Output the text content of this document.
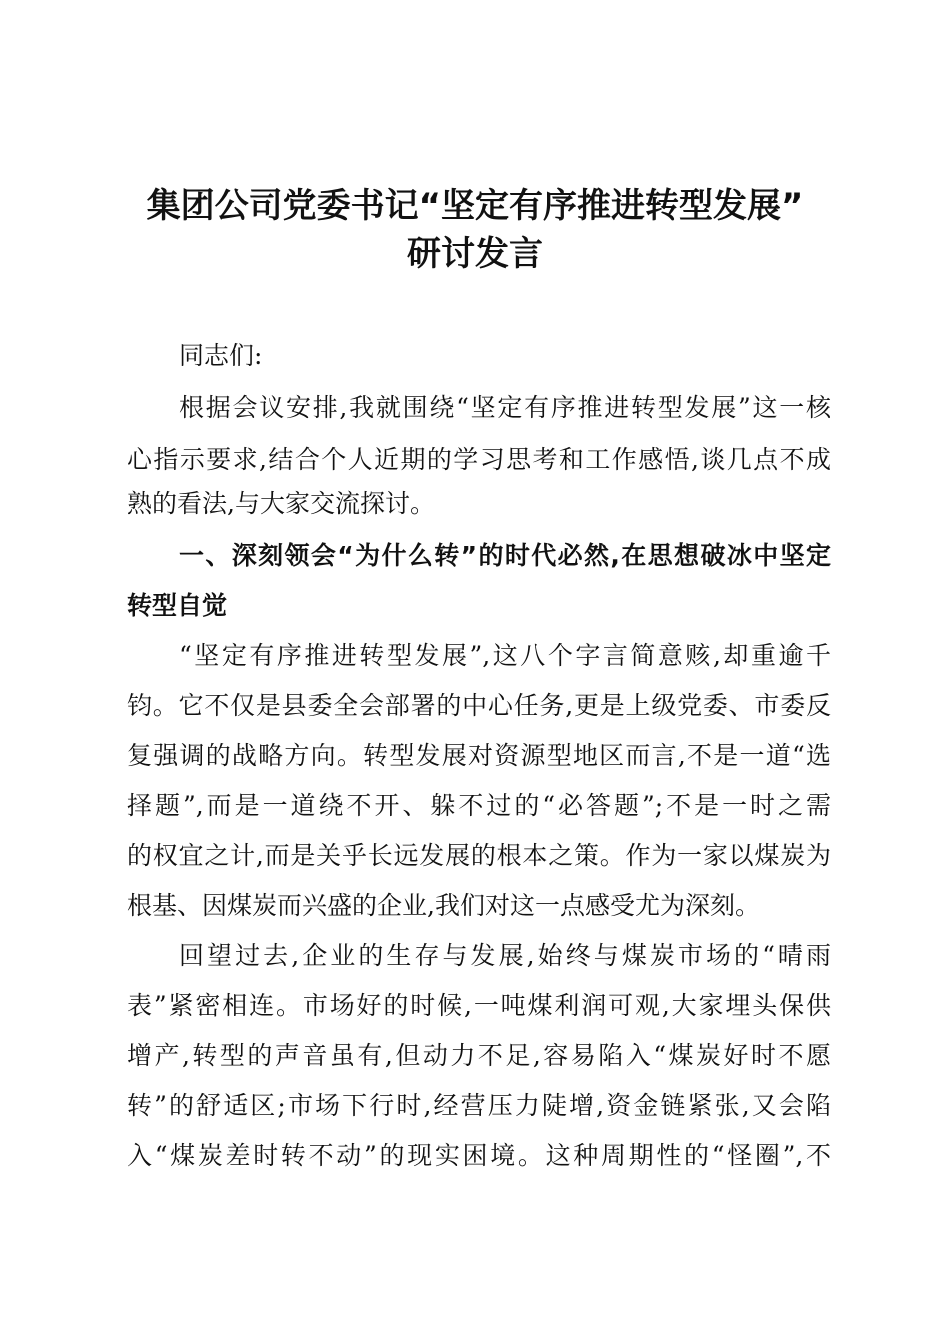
集团公司党委书记“坚定有序推进转型发展”
研讨发言
同志们:
根据会议安排,我就围绕“坚定有序推进转型发展”这一核
心指示要求,结合个人近期的学习思考和工作感悟,谈几点不成
熟的看法,与大家交流探讨。
一、深刻领会“为什么转”的时代必然,在思想破冰中坚定
转型自觉
“坚定有序推进转型发展”,这八个字言简意赅,却重逾千
钧。它不仅是县委全会部署的中心任务,更是上级党委、市委反
复强调的战略方向。转型发展对资源型地区而言,不是一道“选
择题”,而是一道绕不开、躲不过的“必答题”;不是一时之需
的权宜之计,而是关乎长远发展的根本之策。作为一家以煤炭为
根基、因煤炭而兴盛的企业,我们对这一点感受尤为深刻。
回望过去,企业的生存与发展,始终与煤炭市场的“晴雨
表”紧密相连。市场好的时候,一吨煤利润可观,大家埋头保供
增产,转型的声音虽有,但动力不足,容易陷入“煤炭好时不愿
转”的舒适区;市场下行时,经营压力陡增,资金链紧张,又会陷
入“煤炭差时转不动”的现实困境。这种周期性的“怪圈”,不
